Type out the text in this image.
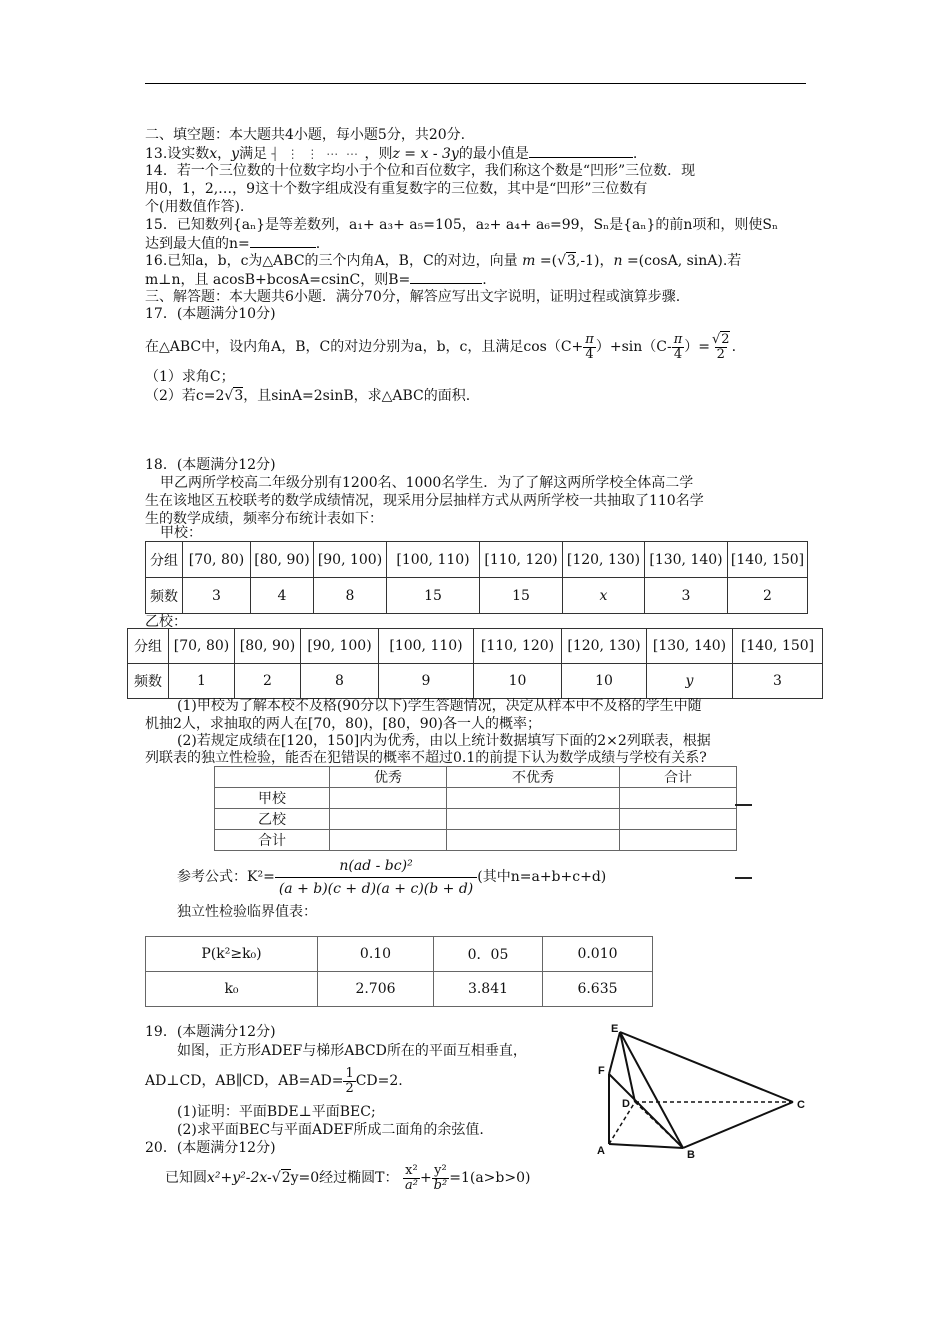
二、填空题：本大题共4小题，每小题5分，共20分.
13.设实数x，y满足 ┤ ⋮ ⋮ ⋯ ⋯ ，则z = x - 3y的最小值是	.
14．若一个三位数的十位数字均小于个位和百位数字，我们称这个数是“凹形”三位数．现
用0，1，2,…，9这十个数字组成没有重复数字的三位数，其中是“凹形”三位数有
个(用数值作答).
15．已知数列{aₙ}是等差数列，a₁+ a₃+ a₅=105，a₂+ a₄+ a₆=99，Sₙ是{aₙ}的前n项和，则使Sₙ
达到最大值的n=	.
16.已知a，b，c为△ABC的三个内角A，B，C的对边，向量 m =(√3,-1)，n =(cosA, sinA).若
m⊥n，且 acosB+bcosA=csinC，则B=	.
三、解答题：本大题共6小题．满分70分，解答应写出文字说明，证明过程或演算步骤.
17．(本题满分10分)
在△ABC中，设内角A，B，C的对边分别为a，b，c，且满足$\cos(C+ \frac{\pi}{4} )+\sin(C- \frac{\pi}{4}$ ）= $\frac{√2}{2}$ .
（1）求角C；
（2）若c=2√3，且sinA=2sinB，求△ABC的面积.
18．(本题满分12分)
甲乙两所学校高二年级分别有1200名、1000名学生．为了了解这两所学校全体高二学
生在该地区五校联考的数学成绩情况，现采用分层抽样方式从两所学校一共抽取了110名学
生的数学成绩，频率分布统计表如下：
甲校：
分组	[70, 80)	[80, 90)	[90, 100)	[100, 110)	[110, 120)	[120, 130)	[130, 140)	[140, 150]
频数	3	4	8	15	15	x	3	2
乙校：
分组	[70, 80)	[80, 90)	[90, 100)	[100, 110)	[110, 120)	[120, 130)	[130, 140)	[140, 150]
频数	1	2	8	9	10	10	y	3
(1)甲校为了解本校不及格(90分以下)学生答题情况，决定从样本中不及格的学生中随
机抽2人，求抽取的两人在[70，80)，[80，90)各一人的概率；
(2)若规定成绩在[120，150]内为优秀，由以上统计数据填写下面的2×2列联表，根据
列联表的独立性检验，能否在犯错误的概率不超过0.1的前提下认为数学成绩与学校有关系?
	优秀	不优秀	合计
甲校			
乙校			
合计			
参考公式：$K^2= \frac{\text{n(ad - bc)²}}{(a + b)(c + d)(a + c)(b + d)}$ (其中n=a+b+c+d)
独立性检验临界值表：
P(k²≥k₀)	0.10	0．05	0.010
k₀	2.706	3.841	6.635
19．(本题满分12分)
如图，正方形ADEF与梯形ABCD所在的平面互相垂直，
AD⊥CD，AB∥CD，$AB=AD= \frac{1}{2} CD=2$.
(1)证明：平面BDE⊥平面BEC;
(2)求平面BEC与平面ADEF所成二面角的余弦值.
E
F
D	C
A	B
20．(本题满分12分)
已知圆x²+y²-2x-√2y=0经过椭圆T： $\frac{\text{x²}}{\text{a²}} + \frac{\text{y²}}{\text{b²}} =1(a>b>0)$
